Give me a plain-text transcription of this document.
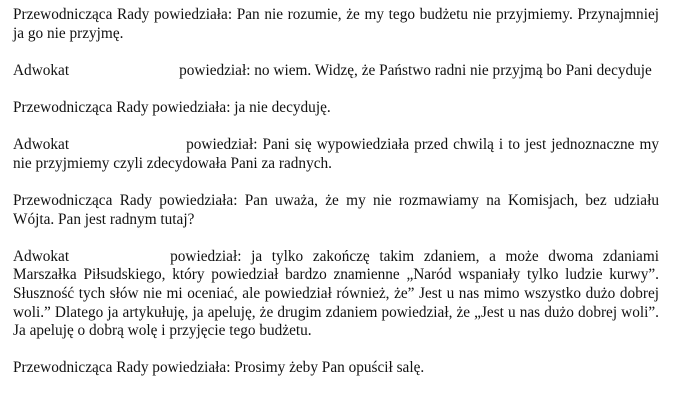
Przewodnicząca Rady powiedziała: Pan nie rozumie, że my tego budżetu nie przyjmiemy. Przynajmniej ja go nie przyjmę.

Adwokat	powiedział: no wiem. Widzę, że Państwo radni nie przyjmą bo Pani decyduje

Przewodnicząca Rady powiedziała: ja nie decyduję.

Adwokat	powiedział: Pani się wypowiedziała przed chwilą i to jest jednoznaczne my nie przyjmiemy czyli zdecydowała Pani za radnych.

Przewodnicząca Rady powiedziała: Pan uważa, że my nie rozmawiamy na Komisjach, bez udziału Wójta. Pan jest radnym tutaj?

Adwokat	powiedział: ja tylko zakończę takim zdaniem, a może dwoma zdaniami Marszałka Piłsudskiego, który powiedział bardzo znamienne „Naród wspaniały tylko ludzie kurwy”. Słuszność tych słów nie mi oceniać, ale powiedział również, że” Jest u nas mimo wszystko dużo dobrej woli.” Dlatego ja artykułuję, ja apeluję, że drugim zdaniem powiedział, że „Jest u nas dużo dobrej woli”. Ja apeluję o dobrą wolę i przyjęcie tego budżetu.

Przewodnicząca Rady powiedziała: Prosimy żeby Pan opuścił salę.
